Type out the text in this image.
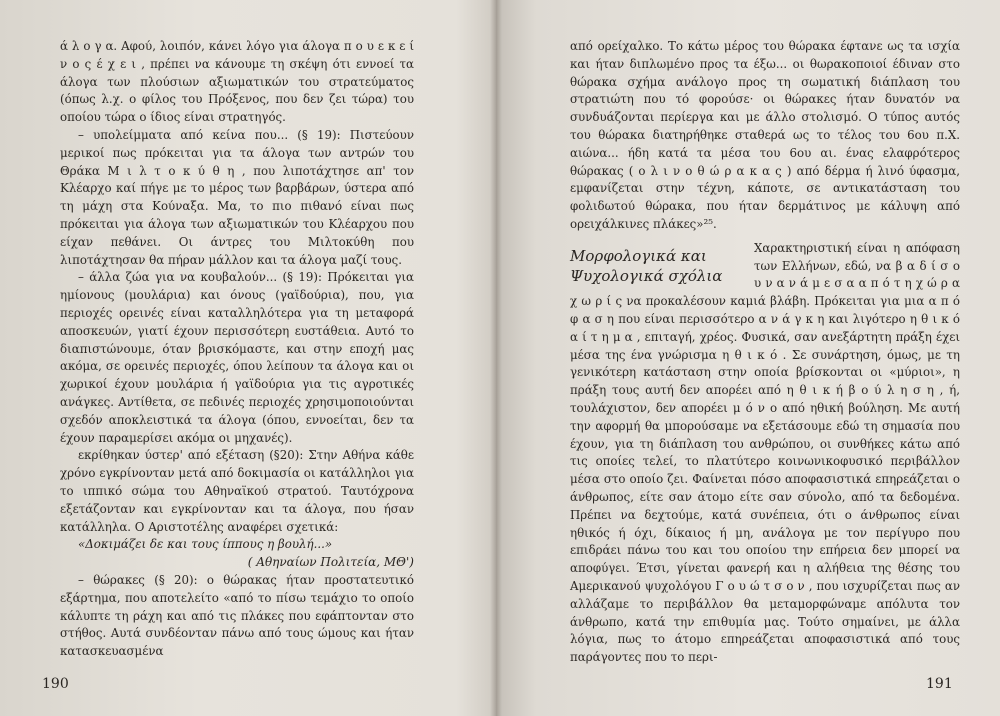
ά λ ο γ α. Αφού, λοιπόν, κάνει λόγο για άλογα π ο υ ε κ ε ί ν ο ς έ χ ε ι , πρέπει να κάνουμε τη σκέψη ότι εννοεί τα άλογα των πλούσιων αξιωματικών του στρατεύματος (όπως λ.χ. ο φίλος του Πρόξενος, που δεν ζει τώρα) του οποίου τώρα ο ίδιος είναι στρατηγός.

– υπολείμματα από κείνα που... (§ 19): Πιστεύουν μερικοί πως πρόκειται για τα άλογα των αντρών του Θράκα Μ ι λ τ ο κ ύ θ η , που λιποτάχτησε απ' τον Κλέαρχο καί πήγε με το μέρος των βαρβάρων, ύστερα από τη μάχη στα Κούναξα. Μα, το πιο πιθανό είναι πως πρόκειται για άλογα των αξιωματικών του Κλέαρχου που είχαν πεθάνει. Οι άντρες του Μιλτοκύθη που λιποτάχτησαν θα πήραν μάλλον και τα άλογα μαζί τους.

– άλλα ζώα για να κουβαλούν... (§ 19): Πρόκειται για ημίονους (μουλάρια) και όνους (γαϊδούρια), που, για περιοχές ορεινές είναι καταλληλότερα για τη μεταφορά αποσκευών, γιατί έχουν περισσότερη ευστάθεια. Αυτό το διαπιστώνουμε, όταν βρισκόμαστε, και στην εποχή μας ακόμα, σε ορεινές περιοχές, όπου λείπουν τα άλογα και οι χωρικοί έχουν μουλάρια ή γαϊδούρια για τις αγροτικές ανάγκες. Αντίθετα, σε πεδινές περιοχές χρησιμοποιούνται σχεδόν αποκλειστικά τα άλογα (όπου, εννοείται, δεν τα έχουν παραμερίσει ακόμα οι μηχανές).

εκρίθηκαν ύστερ' από εξέταση (§20): Στην Αθήνα κάθε χρόνο εγκρίνονταν μετά από δοκιμασία οι κατάλληλοι για το ιππικό σώμα του Αθηναϊκού στρατού. Ταυτόχρονα εξετάζονταν και εγκρίνονταν και τα άλογα, που ήσαν κατάλληλα. Ο Αριστοτέλης αναφέρει σχετικά:

«Δοκιμάζει δε και τους ίππους η βουλή...»

( Αθηναίων Πολιτεία, ΜΘ')

– θώρακες (§ 20): ο θώρακας ήταν προστατευτικό εξάρτημα, που αποτελείτο «από το πίσω τεμάχιο το οποίο κάλυπτε τη ράχη και από τις πλάκες που εφάπτονταν στο στήθος. Αυτά συνδέονταν πάνω από τους ώμους και ήταν κατασκευασμένα

190

από ορείχαλκο. Το κάτω μέρος του θώρακα έφτανε ως τα ισχία και ήταν διπλωμένο προς τα έξω... οι θωρακοποιοί έδιναν στο θώρακα σχήμα ανάλογο προς τη σωματική διάπλαση του στρατιώτη που τό φορούσε· οι θώρακες ήταν δυνατόν να συνδυάζονται περίεργα και με άλλο στολισμό. Ο τύπος αυτός του θώρακα διατηρήθηκε σταθερά ως το τέλος του 6ου π.Χ. αιώνα... ήδη κατά τα μέσα του 6ου αι. ένας ελαφρότερος θώρακας ( ο λ ι ν ο θ ώ ρ α κ α ς ) από δέρμα ή λινό ύφασμα, εμφανίζεται στην τέχνη, κάποτε, σε αντικατάσταση του φολιδωτού θώρακα, που ήταν δερμάτινος με κάλυψη από ορειχάλκινες πλάκες»²⁵.

Μορφολογικά και Ψυχολογικά σχόλια

Χαρακτηριστική είναι η απόφαση των Ελλήνων, εδώ, να β α δ ί σ ο υ ν α ν ά μ ε σ α α π ό τ η χ ώ ρ α χ ω ρ ί ς να προκαλέσουν καμιά βλάβη. Πρόκειται για μια α π ό φ α σ η που είναι περισσότερο α ν ά γ κ η και λιγότερο η θ ι κ ό α ί τ η μ α , επιταγή, χρέος. Φυσικά, σαν ανεξάρτητη πράξη έχει μέσα της ένα γνώρισμα η θ ι κ ό . Σε συνάρτηση, όμως, με τη γενικότερη κατάσταση στην οποία βρίσκονται οι «μύριοι», η πράξη τους αυτή δεν απορέει από η θ ι κ ή β ο ύ λ η σ η , ή, τουλάχιστον, δεν απορέει μ ό ν ο από ηθική βούληση. Με αυτή την αφορμή θα μπορούσαμε να εξετάσουμε εδώ τη σημασία που έχουν, για τη διάπλαση του ανθρώπου, οι συνθήκες κάτω από τις οποίες τελεί, το πλατύτερο κοινωνικοφυσικό περιβάλλον μέσα στο οποίο ζει. Φαίνεται πόσο αποφασιστικά επηρεάζεται ο άνθρωπος, είτε σαν άτομο είτε σαν σύνολο, από τα δεδομένα. Πρέπει να δεχτούμε, κατά συνέπεια, ότι ο άνθρωπος είναι ηθικός ή όχι, δίκαιος ή μη, ανάλογα με τον περίγυρο που επιδράει πάνω του και του οποίου την επήρεια δεν μπορεί να αποφύγει. Έτσι, γίνεται φανερή και η αλήθεια της θέσης του Αμερικανού ψυχολόγου Γ ο υ ώ τ σ ο ν , που ισχυρίζεται πως αν αλλάζαμε το περιβάλλον θα μεταμορφώναμε απόλυτα τον άνθρωπο, κατά την επιθυμία μας. Τούτο σημαίνει, με άλλα λόγια, πως το άτομο επηρεάζεται αποφασιστικά από τους παράγοντες που το περι-

191
